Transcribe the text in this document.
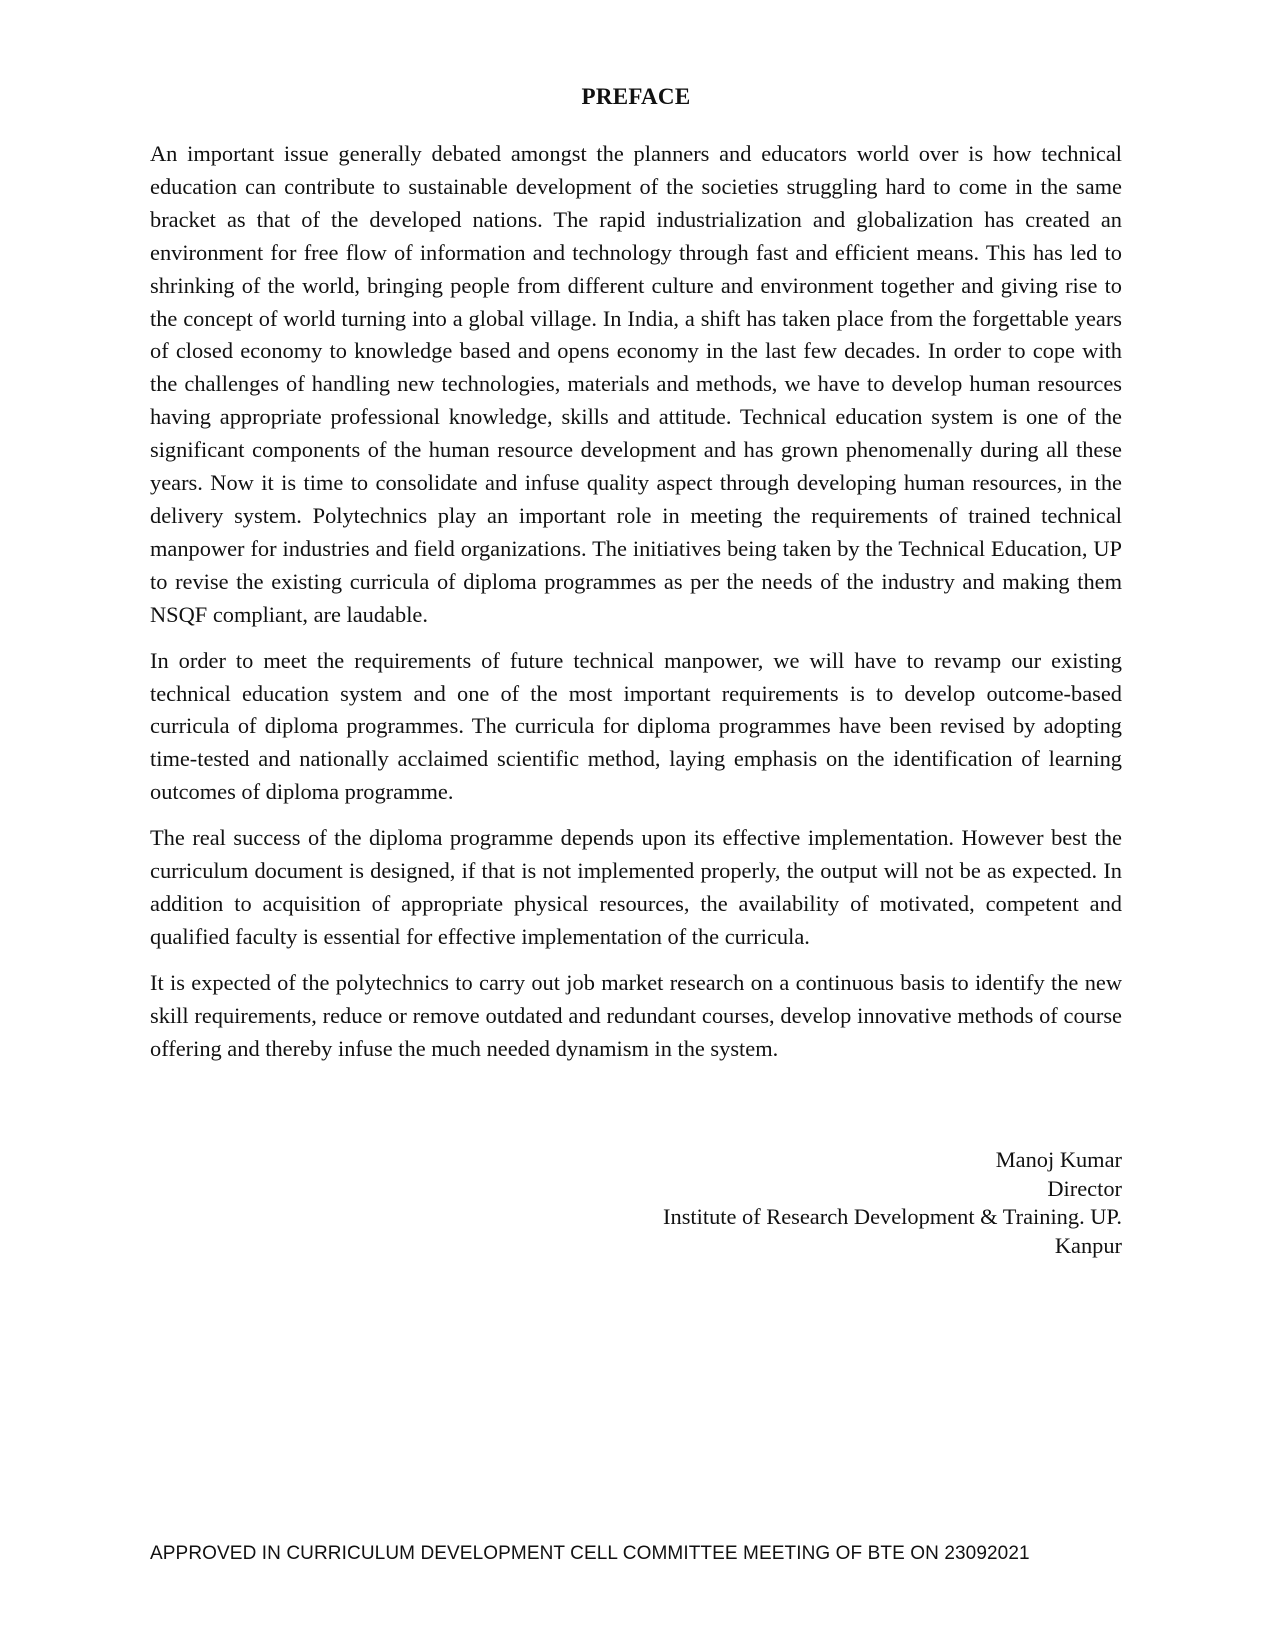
PREFACE

An important issue generally debated amongst the planners and educators world over is how technical education can contribute to sustainable development of the societies struggling hard to come in the same bracket as that of the developed nations. The rapid industrialization and globalization has created an environment for free flow of information and technology through fast and efficient means. This has led to shrinking of the world, bringing people from different culture and environment together and giving rise to the concept of world turning into a global village. In India, a shift has taken place from the forgettable years of closed economy to knowledge based and opens economy in the last few decades. In order to cope with the challenges of handling new technologies, materials and methods, we have to develop human resources having appropriate professional knowledge, skills and attitude. Technical education system is one of the significant components of the human resource development and has grown phenomenally during all these years. Now it is time to consolidate and infuse quality aspect through developing human resources, in the delivery system. Polytechnics play an important role in meeting the requirements of trained technical manpower for industries and field organizations. The initiatives being taken by the Technical Education, UP to revise the existing curricula of diploma programmes as per the needs of the industry and making them NSQF compliant, are laudable.

In order to meet the requirements of future technical manpower, we will have to revamp our existing technical education system and one of the most important requirements is to develop outcome-based curricula of diploma programmes. The curricula for diploma programmes have been revised by adopting time-tested and nationally acclaimed scientific method, laying emphasis on the identification of learning outcomes of diploma programme.

The real success of the diploma programme depends upon its effective implementation. However best the curriculum document is designed, if that is not implemented properly, the output will not be as expected. In addition to acquisition of appropriate physical resources, the availability of motivated, competent and qualified faculty is essential for effective implementation of the curricula.

It is expected of the polytechnics to carry out job market research on a continuous basis to identify the new skill requirements, reduce or remove outdated and redundant courses, develop innovative methods of course offering and thereby infuse the much needed dynamism in the system.

Manoj Kumar
Director
Institute of Research Development & Training. UP.
Kanpur
APPROVED IN CURRICULUM DEVELOPMENT CELL COMMITTEE MEETING OF BTE ON 23092021
